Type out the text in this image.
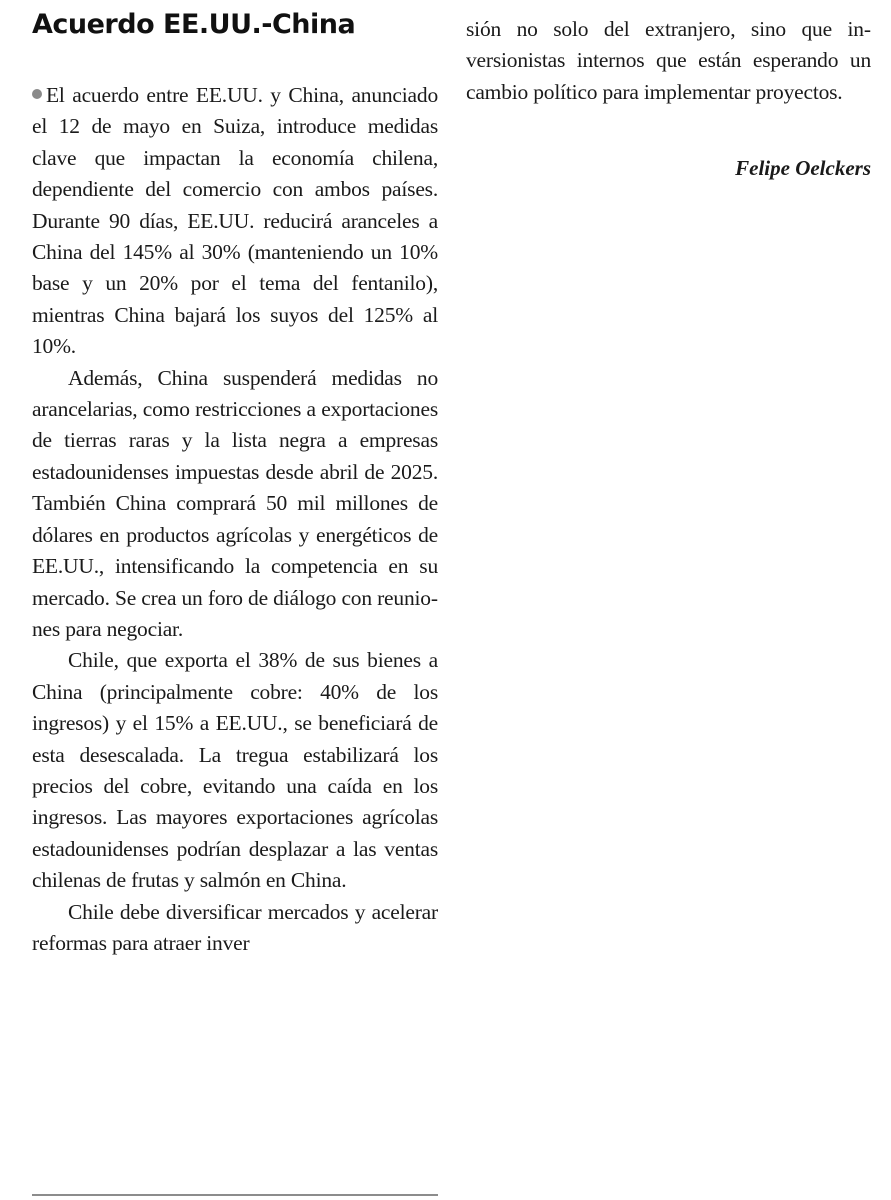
Acuerdo EE.UU.-China

El acuerdo entre EE.UU. y China, anunciado el 12 de mayo en Suiza, introduce medidas clave que impactan la economía chilena, dependiente del comercio con ambos países. Durante 90 días, EE.UU. reducirá aranceles a China del 145% al 30% (manteniendo un 10% base y un 20% por el tema del fentanilo), mientras China bajará los suyos del 125% al 10%.

Además, China suspenderá medidas no arancelarias, como restricciones a exportaciones de tierras raras y la lista negra a empresas estadounidenses impuestas desde abril de 2025. También China comprará 50 mil millones de dólares en productos agrícolas y energéticos de EE.UU., intensificando la competencia en su mercado. Se crea un foro de diálogo con reuniones para negociar.

Chile, que exporta el 38% de sus bienes a China (principalmente cobre: 40% de los ingresos) y el 15% a EE.UU., se beneficiará de esta desescalada. La tregua estabilizará los precios del cobre, evitando una caída en los ingresos. Las mayores exportaciones agrícolas estadounidenses podrían desplazar a las ventas chilenas de frutas y salmón en China.

Chile debe diversificar mercados y acelerar reformas para atraer inver

sión no solo del extranjero, sino que inversionistas internos que están esperando un cambio político para implementar proyectos.

Felipe Oelckers
